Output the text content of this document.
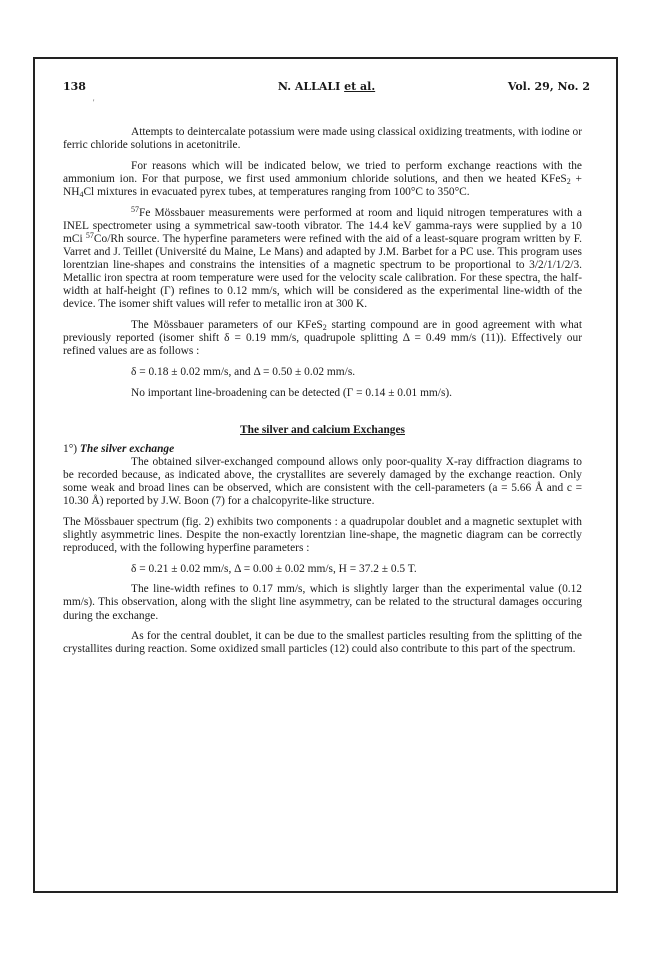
138	N. ALLALI et al.	Vol. 29, No. 2
'

Attempts to deintercalate potassium were made using classical oxidizing treatments, with iodine or ferric chloride solutions in acetonitrile.

For reasons which will be indicated below, we tried to perform exchange reactions with the ammonium ion. For that purpose, we first used ammonium chloride solutions, and then we heated KFeS$_2$ + $NH_4Cl$ mixtures in evacuated pyrex tubes, at temperatures ranging from 100°C to 350°C.

$^{57}$Fe Mössbauer measurements were performed at room and liquid nitrogen temperatures with a INEL spectrometer using a symmetrical saw-tooth vibrator. The 14.4 keV gamma-rays were supplied by a 10 mCi $^{57}$Co/Rh source. The hyperfine parameters were refined with the aid of a least-square program written by F. Varret and J. Teillet (Université du Maine, Le Mans) and adapted by J.M. Barbet for a PC use. This program uses lorentzian line-shapes and constrains the intensities of a magnetic spectrum to be proportional to 3/2/1/1/2/3. Metallic iron spectra at room temperature were used for the velocity scale calibration. For these spectra, the half-width at half-height (Γ) refines to 0.12 mm/s, which will be considered as the experimental line-width of the device. The isomer shift values will refer to metallic iron at 300 K.

The Mössbauer parameters of our KFeS$_2$ starting compound are in good agreement with what previously reported (isomer shift δ = 0.19 mm/s, quadrupole splitting Δ = 0.49 mm/s (11)). Effectively our refined values are as follows :

δ = 0.18 ± 0.02 mm/s, and Δ = 0.50 ± 0.02 mm/s.

No important line-broadening can be detected (Γ = 0.14 ± 0.01 mm/s).

The silver and calcium Exchanges

1°) The silver exchange

The obtained silver-exchanged compound allows only poor-quality X-ray diffraction diagrams to be recorded because, as indicated above, the crystallites are severely damaged by the exchange reaction. Only some weak and broad lines can be observed, which are consistent with the cell-parameters (a = 5.66 Å and c = 10.30 Å) reported by J.W. Boon (7) for a chalcopyrite-like structure.

The Mössbauer spectrum (fig. 2) exhibits two components : a quadrupolar doublet and a magnetic sextuplet with slightly asymmetric lines. Despite the non-exactly lorentzian line-shape, the magnetic diagram can be correctly reproduced, with the following hyperfine parameters :

δ = 0.21 ± 0.02 mm/s, Δ = 0.00 ± 0.02 mm/s, H = 37.2 ± 0.5 T.

The line-width refines to 0.17 mm/s, which is slightly larger than the experimental value (0.12 mm/s). This observation, along with the slight line asymmetry, can be related to the structural damages occuring during the exchange.

As for the central doublet, it can be due to the smallest particles resulting from the splitting of the crystallites during reaction. Some oxidized small particles (12) could also contribute to this part of the spectrum.
